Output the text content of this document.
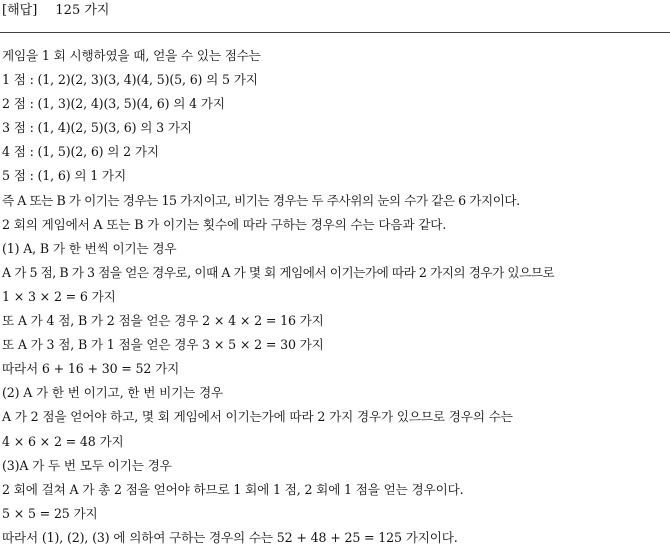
[해답] 125 가지
게임을 1 회 시행하였을 때, 얻을 수 있는 점수는
1 점 : (1, 2)(2, 3)(3, 4)(4, 5)(5, 6) 의 5 가지
2 점 : (1, 3)(2, 4)(3, 5)(4, 6) 의 4 가지
3 점 : (1, 4)(2, 5)(3, 6) 의 3 가지
4 점 : (1, 5)(2, 6) 의 2 가지
5 점 : (1, 6) 의 1 가지
즉 A 또는 B 가 이기는 경우는 15 가지이고, 비기는 경우는 두 주사위의 눈의 수가 같은 6 가지이다.
2 회의 게임에서 A 또는 B 가 이기는 횟수에 따라 구하는 경우의 수는 다음과 같다.
(1) A, B 가 한 번씩 이기는 경우
A 가 5 점, B 가 3 점을 얻은 경우로, 이때 A 가 몇 회 게임에서 이기는가에 따라 2 가지의 경우가 있으므로
1 × 3 × 2 = 6 가지
또 A 가 4 점, B 가 2 점을 얻은 경우 2 × 4 × 2 = 16 가지
또 A 가 3 점, B 가 1 점을 얻은 경우 3 × 5 × 2 = 30 가지
따라서 6 + 16 + 30 = 52 가지
(2) A 가 한 번 이기고, 한 번 비기는 경우
A 가 2 점을 얻어야 하고, 몇 회 게임에서 이기는가에 따라 2 가지 경우가 있으므로 경우의 수는
4 × 6 × 2 = 48 가지
(3)A 가 두 번 모두 이기는 경우
2 회에 걸쳐 A 가 총 2 점을 얻어야 하므로 1 회에 1 점, 2 회에 1 점을 얻는 경우이다.
5 × 5 = 25 가지
따라서 (1), (2), (3) 에 의하여 구하는 경우의 수는 52 + 48 + 25 = 125 가지이다.
